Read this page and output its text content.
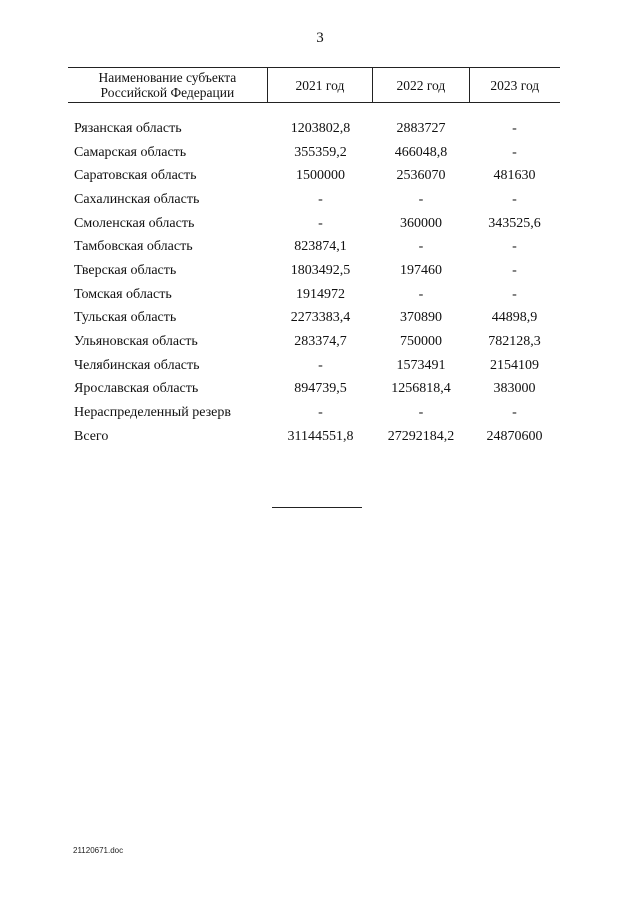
3
Наименование субъекта
Российской Федерации	2021 год	2022 год	2023 год
Рязанская область	1203802,8	2883727	-
Самарская область	355359,2	466048,8	-
Саратовская область	1500000	2536070	481630
Сахалинская область	-	-	-
Смоленская область	-	360000	343525,6
Тамбовская область	823874,1	-	-
Тверская область	1803492,5	197460	-
Томская область	1914972	-	-
Тульская область	2273383,4	370890	44898,9
Ульяновская область	283374,7	750000	782128,3
Челябинская область	-	1573491	2154109
Ярославская область	894739,5	1256818,4	383000
Нераспределенный резерв	-	-	-
Всего	31144551,8	27292184,2	24870600
21120671.doc
